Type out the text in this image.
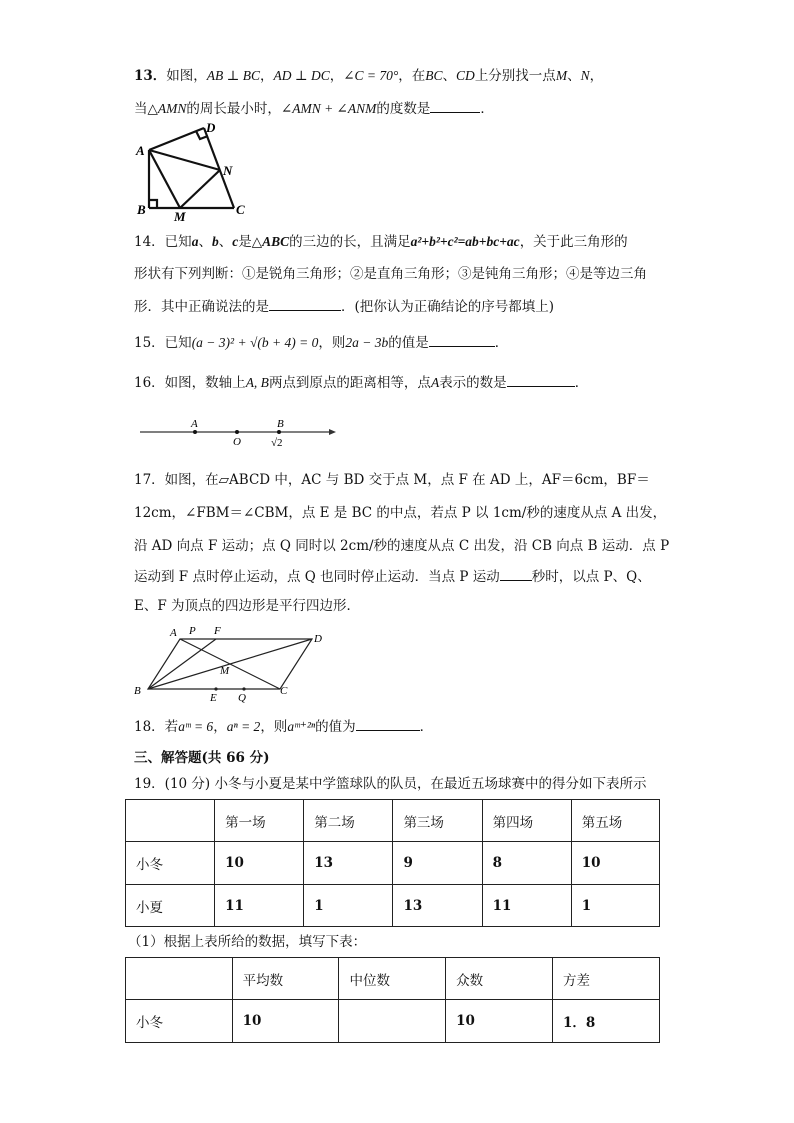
13．如图，AB ⊥ BC，AD ⊥ DC，∠C = 70°，在BC、CD上分别找一点M、N，
当△AMN的周长最小时，∠AMN + ∠ANM的度数是	．
A
B	C
D
M
N
14．已知a、b、c是△ABC的三边的长，且满足a²+b²+c²=ab+bc+ac，关于此三角形的
形状有下列判断：①是锐角三角形；②是直角三角形；③是钝角三角形；④是等边三角
形．其中正确说法的是	．(把你认为正确结论的序号都填上)
15．已知(a − 3)² + √(b + 4) = 0，则2a − 3b的值是	．
16．如图，数轴上A, B两点到原点的距离相等，点A表示的数是	．
A
O
B
√2
17．如图，在▱ABCD 中，AC 与 BD 交于点 M，点 F 在 AD 上，AF＝6cm，BF＝
12cm，∠FBM＝∠CBM，点 E 是 BC 的中点，若点 P 以 1cm/秒的速度从点 A 出发，
沿 AD 向点 F 运动；点 Q 同时以 2cm/秒的速度从点 C 出发，沿 CB 向点 B 运动．点 P
运动到 F 点时停止运动，点 Q 也同时停止运动．当点 P 运动 秒时，以点 P、Q、
E、F 为顶点的四边形是平行四边形．
A P F
D
M
B
E Q
C
18．若aᵐ = 6，aⁿ = 2，则aᵐ⁺²ⁿ的值为	．
三、解答题(共 66 分)
19．(10 分) 小冬与小夏是某中学篮球队的队员，在最近五场球赛中的得分如下表所示
	第一场	第二场	第三场	第四场	第五场
小冬	10	13	9	8	10
小夏	11	1	13	11	1
（1）根据上表所给的数据，填写下表：
	平均数	中位数	众数	方差
小冬	10		10	1．8
